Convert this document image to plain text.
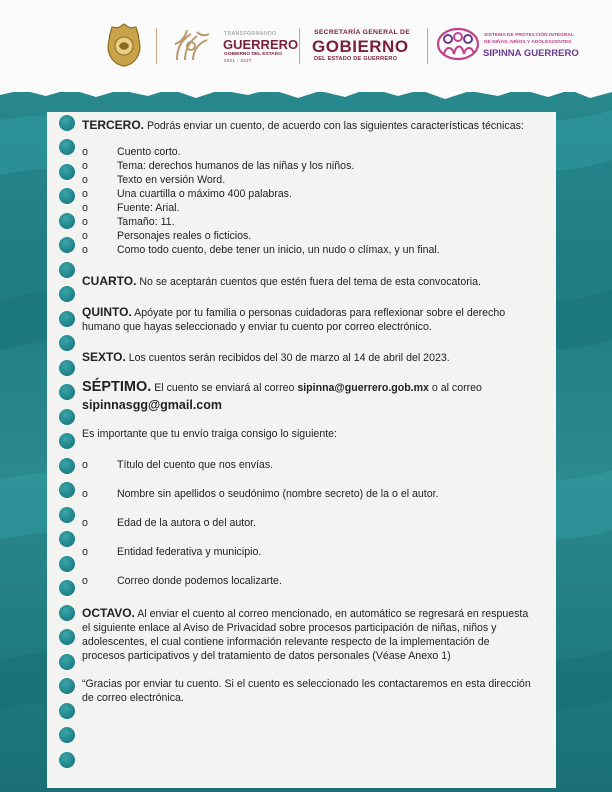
TRANSFORMANDO
GUERRERO
GOBIERNO DEL ESTADO
2021 - 2027
SECRETARÍA GENERAL DE
GOBIERNO
DEL ESTADO DE GUERRERO
SISTEMA DE PROTECCIÓN INTEGRAL
DE NIÑAS, NIÑOS Y ADOLESCENTES
SIPINNA GUERRERO

TERCERO. Podrás enviar un cuento, de acuerdo con las siguientes características técnicas:

o	Cuento corto.
o	Tema: derechos humanos de las niñas y los niños.
o	Texto en versión Word.
o	Una cuartilla o máximo 400 palabras.
o	Fuente: Arial.
o	Tamaño: 11.
o	Personajes reales o ficticios.
o	Como todo cuento, debe tener un inicio, un nudo o clímax, y un final.

CUARTO. No se aceptarán cuentos que estén fuera del tema de esta convocatoria.

QUINTO. Apóyate por tu familia o personas cuidadoras para reflexionar sobre el derecho humano que hayas seleccionado y enviar tu cuento por correo electrónico.

SEXTO. Los cuentos serán recibidos del 30 de marzo al 14 de abril del 2023.

SÉPTIMO. El cuento se enviará al correo sipinna@guerrero.gob.mx o al correo
sipinnasgg@gmail.com

Es importante que tu envío traiga consigo lo siguiente:

o	Título del cuento que nos envías.
o	Nombre sin apellidos o seudónimo (nombre secreto) de la o el autor.
o	Edad de la autora o del autor.
o	Entidad federativa y municipio.
o	Correo donde podemos localizarte.

OCTAVO. Al enviar el cuento al correo mencionado, en automático se regresará en respuesta el siguiente enlace al Aviso de Privacidad sobre procesos participación de niñas, niños y adolescentes, el cual contiene información relevante respecto de la implementación de procesos participativos y del tratamiento de datos personales (Véase Anexo 1)

“Gracias por enviar tu cuento. Si el cuento es seleccionado les contactaremos en esta dirección de correo electrónica.
